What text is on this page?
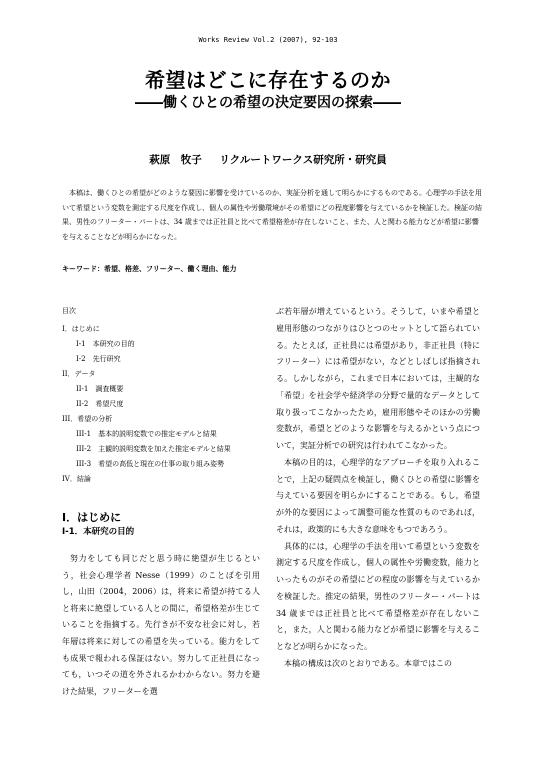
Works Review Vol.2 (2007), 92-103
希望はどこに存在するのか
――働くひとの希望の決定要因の探索――
萩原　牧子 リクルートワークス研究所・研究員

本稿は、働くひとの希望がどのような要因に影響を受けているのか、実証分析を通して明らかにするものである。心理学の手法を用いて希望という変数を測定する尺度を作成し、個人の属性や労働環境がその希望にどの程度影響を与えているかを検証した。検証の結果、男性のフリーター・パートは、34 歳までは正社員と比べて希望格差が存在しないこと、また、人と関わる能力などが希望に影響を与えることなどが明らかになった。

キーワード：希望、格差、フリーター、働く理由、能力
目次
I．はじめに
I-1　本研究の目的
I-2　先行研究
II．データ
II-1　調査概要
II-2　希望尺度
III．希望の分析
III-1　基本的説明変数での推定モデルと結果
III-2　主観的説明変数を加えた推定モデルと結果
III-3　希望の高低と現在の仕事の取り組み姿勢
IV．結論
I．はじめに
I-1．本研究の目的

努力をしても同じだと思う時に絶望が生じるという，社会心理学者 Nesse（1999）のことばを引用し，山田（2004，2006）は，将来に希望が持てる人と将来に絶望している人との間に，希望格差が生じていることを指摘する。先行きが不安な社会に対し，若年層は将来に対しての希望を失っている。能力をしても成果で報われる保証はない。努力して正社員になっても，いつその道を外されるかわからない。努力を避けた結果，フリーターを選

ぶ若年層が増えているという。そうして，いまや希望と雇用形態のつながりはひとつのセットとして語られている。たとえば，正社員には希望があり，非正社員（特にフリーター）には希望がない，などとしばしば指摘される。しかしながら，これまで日本においては，主観的な「希望」を社会学や経済学の分野で量的なデータとして取り扱ってこなかったため，雇用形態やそのほかの労働変数が，希望とどのような影響を与えるかという点について，実証分析での研究は行われてこなかった。

本稿の目的は，心理学的なアプローチを取り入れることで，上記の疑問点を検証し，働くひとの希望に影響を与えている要因を明らかにすることである。もし，希望が外的な要因によって調整可能な性質のものであれば，それは，政策的にも大きな意味をもつであろう。

具体的には，心理学の手法を用いて希望という変数を測定する尺度を作成し，個人の属性や労働変数，能力といったものがその希望にどの程度の影響を与えているかを検証した。推定の結果，男性のフリーター・パートは 34 歳までは正社員と比べて希望格差が存在しないこと，また，人と関わる能力などが希望に影響を与えることなどが明らかになった。

本稿の構成は次のとおりである。本章ではこの
